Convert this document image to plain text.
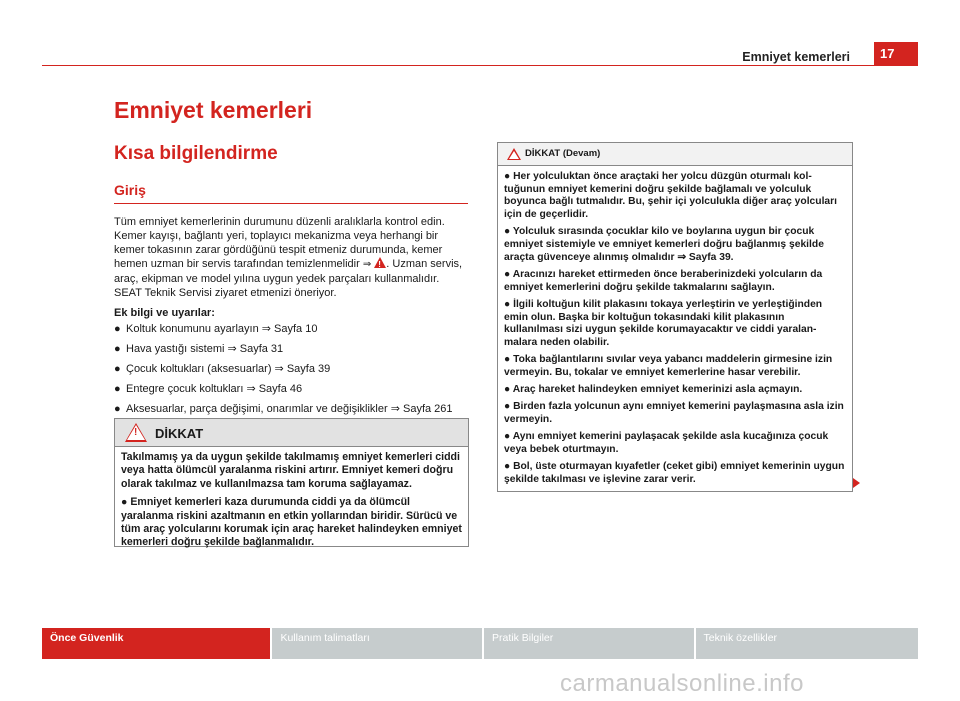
Emniyet kemerleri	17
Emniyet kemerleri
Kısa bilgilendirme
Giriş
Tüm emniyet kemerlerinin durumunu düzenli aralıklarla kontrol edin. Kemer kayışı, bağlantı yeri, toplayıcı mekanizma veya herhangi bir kemer tokasının zarar gördüğünü tespit etmeniz durumunda, kemer hemen uzman bir servis tarafından temizlenmelidir ⇒ ! . Uzman servis, araç, ekipman ve model yılına uygun yedek parçaları kullanmalıdır. SEAT Teknik Servisi ziyaret etmenizi öneriyor.
Ek bilgi ve uyarılar:
● Koltuk konumunu ayarlayın ⇒ Sayfa 10
● Hava yastığı sistemi ⇒ Sayfa 31
● Çocuk koltukları (aksesuarlar) ⇒ Sayfa 39
● Entegre çocuk koltukları ⇒ Sayfa 46
● Aksesuarlar, parça değişimi, onarımlar ve değişiklikler ⇒ Sayfa 261
! DİKKAT

Takılmamış ya da uygun şekilde takılmamış emniyet kemerleri ciddi veya hatta ölümcül yaralanma riskini artırır. Emniyet kemeri doğru olarak takılmaz ve kullanılmazsa tam koruma sağlayamaz.

● Emniyet kemerleri kaza durumunda ciddi ya da ölümcül yaralanma riskini azaltmanın en etkin yollarından biridir. Sürücü ve tüm araç yolcularını korumak için araç hareket halindeyken emniyet kemerleri doğru şekilde bağlanmalıdır.

DİKKAT (Devam)

● Her yolculuktan önce araçtaki her yolcu düzgün oturmalı koltuğunun emniyet kemerini doğru şekilde bağlamalı ve yolculuk boyunca bağlı tutmalıdır. Bu, şehir içi yolculukla diğer araç yolcuları için de geçerlidir.

● Yolculuk sırasında çocuklar kilo ve boylarına uygun bir çocuk emniyet sistemiyle ve emniyet kemerleri doğru bağlanmış şekilde araçta güvenceye alınmış olmalıdır ⇒ Sayfa 39.

● Aracınızı hareket ettirmeden önce beraberinizdeki yolcuların da emniyet kemerlerini doğru şekilde takmalarını sağlayın.

● İlgili koltuğun kilit plakasını tokaya yerleştirin ve yerleştiğinden emin olun. Başka bir koltuğun tokasındaki kilit plakasının kullanılması sizi uygun şekilde korumayacaktır ve ciddi yaralanmalara neden olabilir.

● Toka bağlantılarını sıvılar veya yabancı maddelerin girmesine izin vermeyin. Bu, tokalar ve emniyet kemerlerine hasar verebilir.

● Araç hareket halindeyken emniyet kemerinizi asla açmayın.

● Birden fazla yolcunun aynı emniyet kemerini paylaşmasına asla izin vermeyin.

● Aynı emniyet kemerini paylaşacak şekilde asla kucağınıza çocuk veya bebek oturtmayın.

● Bol, üste oturmayan kıyafetler (ceket gibi) emniyet kemerinin uygun şekilde takılması ve işlevine zarar verir.

Önce Güvenlik	Kullanım talimatları	Pratik Bilgiler	Teknik özellikler
carmanualsonline.info
